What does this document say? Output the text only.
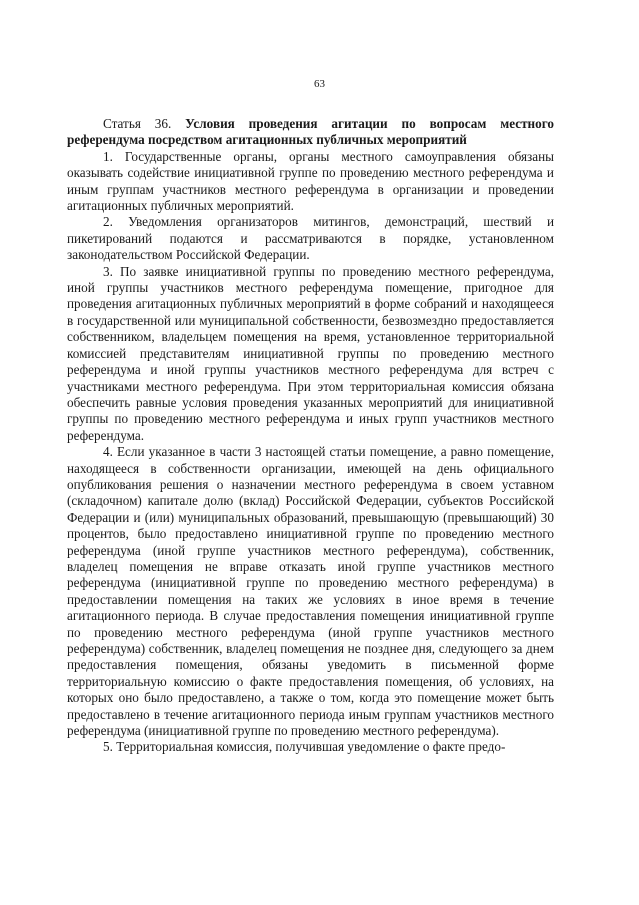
63

Статья 36. Условия проведения агитации по вопросам местного референдума посредством агитационных публичных мероприятий

1. Государственные органы, органы местного самоуправления обязаны оказывать содействие инициативной группе по проведению местного референдума и иным группам участников местного референдума в организации и проведении агитационных публичных мероприятий.

2. Уведомления организаторов митингов, демонстраций, шествий и пикетирований подаются и рассматриваются в порядке, установленном законодательством Российской Федерации.

3. По заявке инициативной группы по проведению местного референдума, иной группы участников местного референдума помещение, пригодное для проведения агитационных публичных мероприятий в форме собраний и находящееся в государственной или муниципальной собственности, безвозмездно предоставляется собственником, владельцем помещения на время, установленное территориальной комиссией представителям инициативной группы по проведению местного референдума и иной группы участников местного референдума для встреч с участниками местного референдума. При этом территориальная комиссия обязана обеспечить равные условия проведения указанных мероприятий для инициативной группы по проведению местного референдума и иных групп участников местного референдума.

4. Если указанное в части 3 настоящей статьи помещение, а равно помещение, находящееся в собственности организации, имеющей на день официального опубликования решения о назначении местного референдума в своем уставном (складочном) капитале долю (вклад) Российской Федерации, субъектов Российской Федерации и (или) муниципальных образований, превышающую (превышающий) 30 процентов, было предоставлено инициативной группе по проведению местного референдума (иной группе участников местного референдума), собственник, владелец помещения не вправе отказать иной группе участников местного референдума (инициативной группе по проведению местного референдума) в предоставлении помещения на таких же условиях в иное время в течение агитационного периода. В случае предоставления помещения инициативной группе по проведению местного референдума (иной группе участников местного референдума) собственник, владелец помещения не позднее дня, следующего за днем предоставления помещения, обязаны уведомить в письменной форме территориальную комиссию о факте предоставления помещения, об условиях, на которых оно было предоставлено, а также о том, когда это помещение может быть предоставлено в течение агитационного периода иным группам участников местного референдума (инициативной группе по проведению местного референдума).

5. Территориальная комиссия, получившая уведомление о факте предо-
